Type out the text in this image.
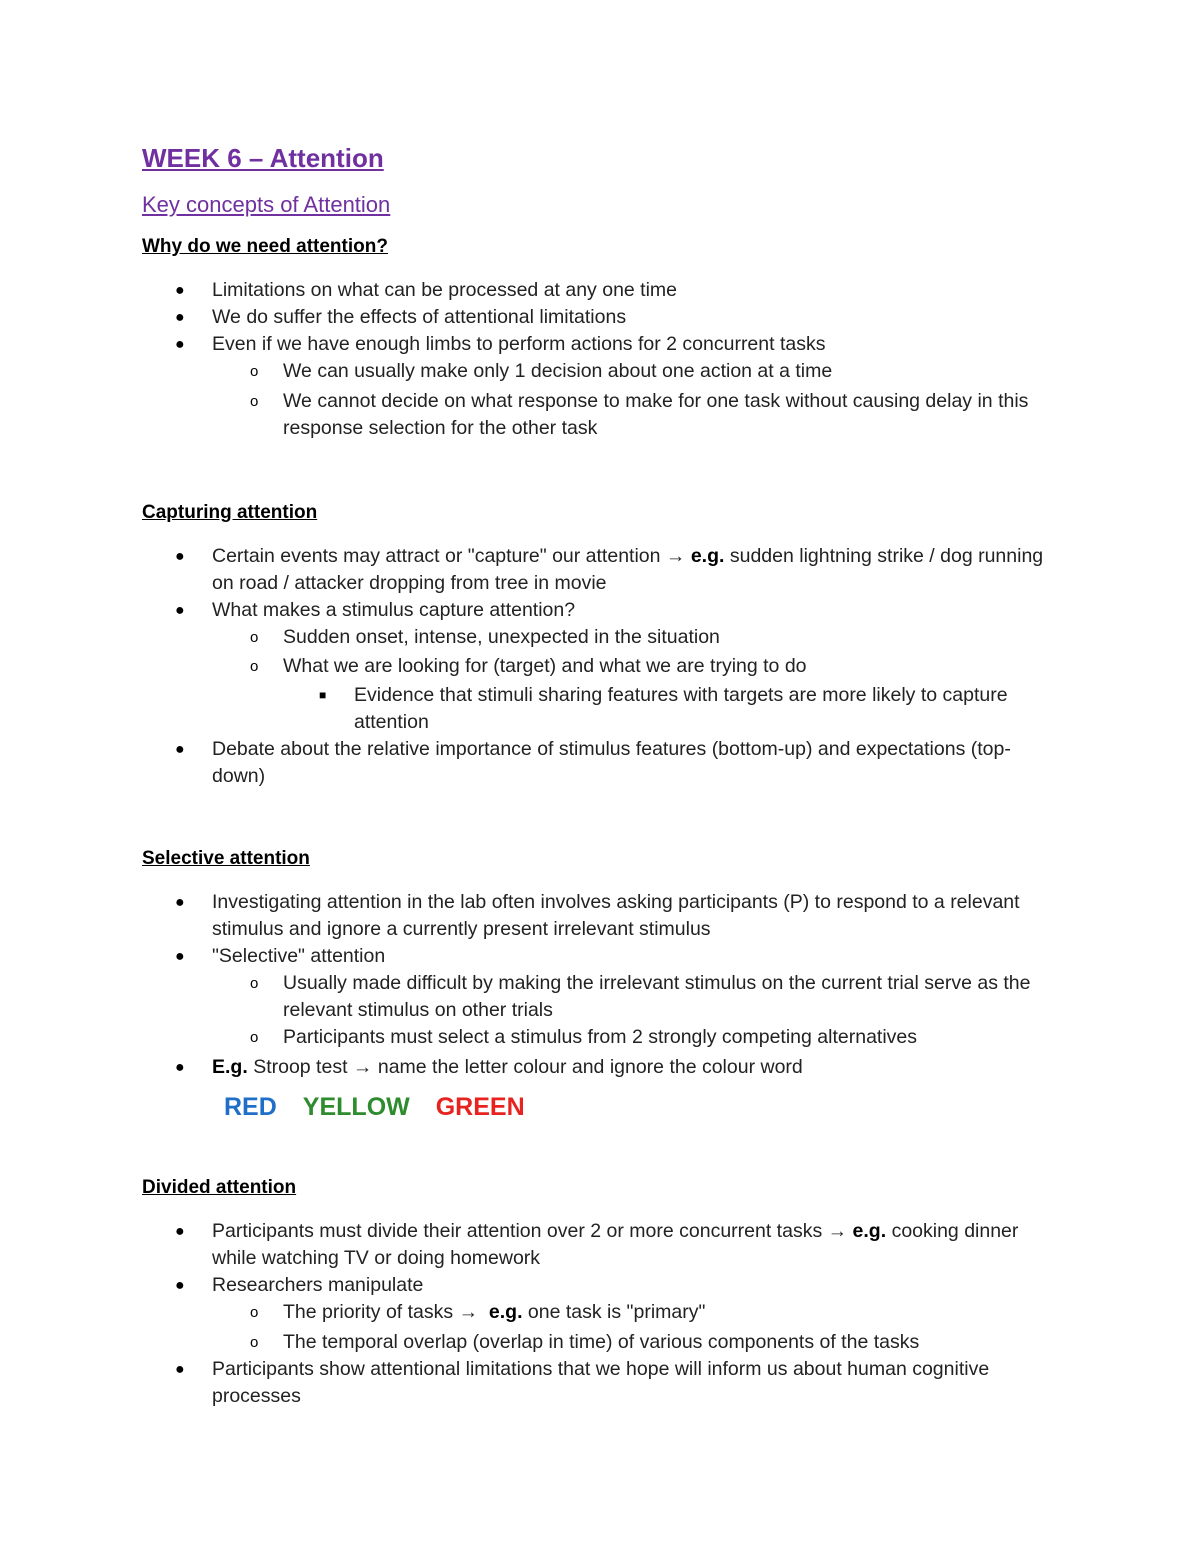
WEEK 6 – Attention
Key concepts of Attention
Why do we need attention?
● Limitations on what can be processed at any one time
● We do suffer the effects of attentional limitations
● Even if we have enough limbs to perform actions for 2 concurrent tasks
o We can usually make only 1 decision about one action at a time
o We cannot decide on what response to make for one task without causing delay in this response selection for the other task
Capturing attention
● Certain events may attract or "capture" our attention → e.g. sudden lightning strike / dog running on road / attacker dropping from tree in movie
● What makes a stimulus capture attention?
o Sudden onset, intense, unexpected in the situation
o What we are looking for (target) and what we are trying to do
■ Evidence that stimuli sharing features with targets are more likely to capture attention
● Debate about the relative importance of stimulus features (bottom-up) and expectations (top-down)
Selective attention
● Investigating attention in the lab often involves asking participants (P) to respond to a relevant stimulus and ignore a currently present irrelevant stimulus
● "Selective" attention
o Usually made difficult by making the irrelevant stimulus on the current trial serve as the relevant stimulus on other trials
o Participants must select a stimulus from 2 strongly competing alternatives
● E.g. Stroop test → name the letter colour and ignore the colour word
RED YELLOW GREEN
Divided attention
● Participants must divide their attention over 2 or more concurrent tasks → e.g. cooking dinner while watching TV or doing homework
● Researchers manipulate
o The priority of tasks → e.g. one task is "primary"
o The temporal overlap (overlap in time) of various components of the tasks
● Participants show attentional limitations that we hope will inform us about human cognitive processes
